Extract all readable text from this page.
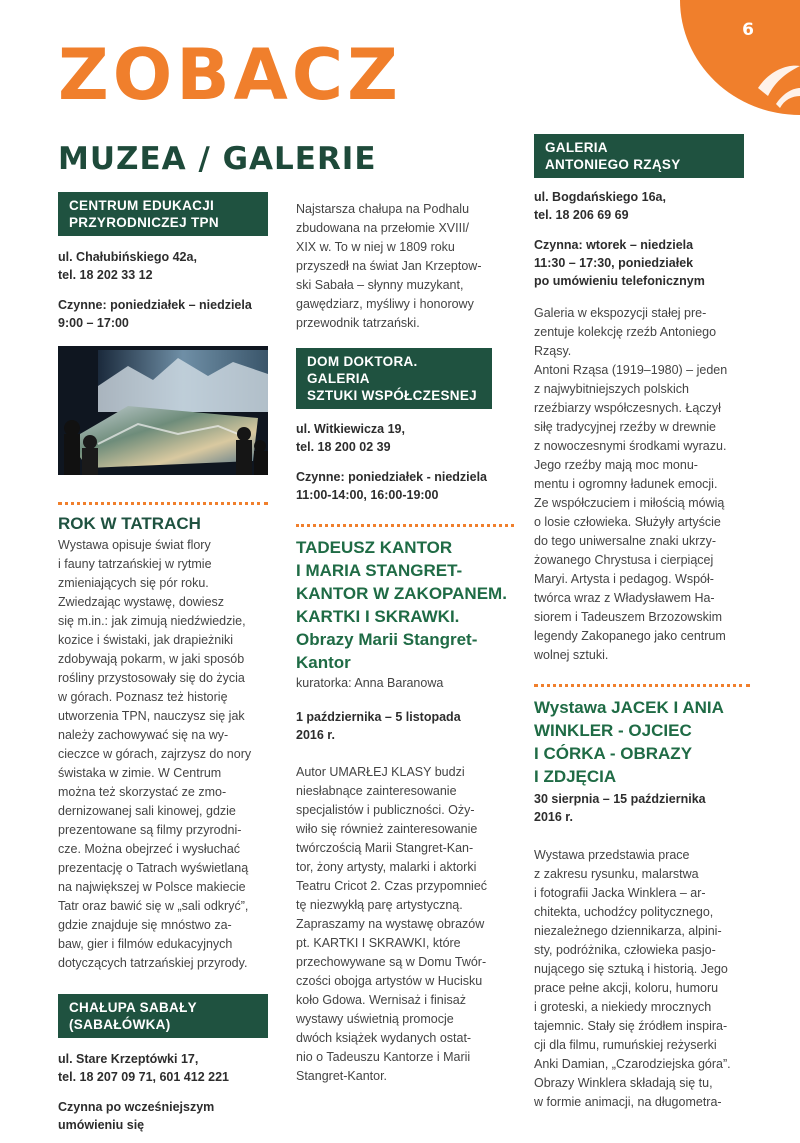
6
ZOBACZ
MUZEA / GALERIE
CENTRUM EDUKACJI
PRZYRODNICZEJ TPN
ul. Chałubińskiego 42a,
tel. 18 202 33 12
Czynne: poniedziałek – niedziela
9:00 – 17:00
ROK W TATRACH
Wystawa opisuje świat flory
i fauny tatrzańskiej w rytmie
zmieniających się pór roku.
Zwiedzając wystawę, dowiesz
się m.in.: jak zimują niedźwiedzie,
kozice i świstaki, jak drapieżniki
zdobywają pokarm, w jaki sposób
rośliny przystosowały się do życia
w górach. Poznasz też historię
utworzenia TPN, nauczysz się jak
należy zachowywać się na wy-
cieczce w górach, zajrzysz do nory
świstaka w zimie. W Centrum
można też skorzystać ze zmo-
dernizowanej sali kinowej, gdzie
prezentowane są filmy przyrodni-
cze. Można obejrzeć i wysłuchać
prezentację o Tatrach wyświetlaną
na największej w Polsce makiecie
Tatr oraz bawić się w „sali odkryć”,
gdzie znajduje się mnóstwo za-
baw, gier i filmów edukacyjnych
dotyczących tatrzańskiej przyrody.
CHAŁUPA SABAŁY
(SABAŁÓWKA)
ul. Stare Krzeptówki 17,
tel. 18 207 09 71, 601 412 221
Czynna po wcześniejszym
umówieniu się
Najstarsza chałupa na Podhalu
zbudowana na przełomie XVIII/
XIX w. To w niej w 1809 roku
przyszedł na świat Jan Krzeptow-
ski Sabała – słynny muzykant,
gawędziarz, myśliwy i honorowy
przewodnik tatrzański.
DOM DOKTORA. GALERIA
SZTUKI WSPÓŁCZESNEJ
ul. Witkiewicza 19,
tel. 18 200 02 39
Czynne: poniedziałek - niedziela
11:00-14:00, 16:00-19:00
TADEUSZ KANTOR
I MARIA STANGRET-
KANTOR W ZAKOPANEM.
KARTKI I SKRAWKI.
Obrazy Marii Stangret-
Kantor
kuratorka: Anna Baranowa
1 października – 5 listopada
2016 r.
Autor UMARŁEJ KLASY budzi
niesłabnące zainteresowanie
specjalistów i publiczności. Oży-
wiło się również zainteresowanie
twórczością Marii Stangret-Kan-
tor, żony artysty, malarki i aktorki
Teatru Cricot 2. Czas przypomnieć
tę niezwykłą parę artystyczną.
Zapraszamy na wystawę obrazów
pt. KARTKI I SKRAWKI, które
przechowywane są w Domu Twór-
czości obojga artystów w Hucisku
koło Gdowa. Wernisaż i finisaż
wystawy uświetnią promocje
dwóch książek wydanych ostat-
nio o Tadeuszu Kantorze i Marii
Stangret-Kantor.
GALERIA
ANTONIEGO RZĄSY
ul. Bogdańskiego 16a,
tel. 18 206 69 69
Czynna: wtorek – niedziela
11:30 – 17:30, poniedziałek
po umówieniu telefonicznym
Galeria w ekspozycji stałej pre-
zentuje kolekcję rzeźb Antoniego
Rząsy.
Antoni Rząsa (1919–1980) – jeden
z najwybitniejszych polskich
rzeźbiarzy współczesnych. Łączył
siłę tradycyjnej rzeźby w drewnie
z nowoczesnymi środkami wyrazu.
Jego rzeźby mają moc monu-
mentu i ogromny ładunek emocji.
Ze współczuciem i miłością mówią
o losie człowieka. Służyły artyście
do tego uniwersalne znaki ukrzy-
żowanego Chrystusa i cierpiącej
Maryi. Artysta i pedagog. Współ-
twórca wraz z Władysławem Ha-
siorem i Tadeuszem Brzozowskim
legendy Zakopanego jako centrum
wolnej sztuki.
Wystawa JACEK I ANIA
WINKLER - OJCIEC
I CÓRKA - OBRAZY
I ZDJĘCIA
30 sierpnia – 15 października
2016 r.
Wystawa przedstawia prace
z zakresu rysunku, malarstwa
i fotografii Jacka Winklera – ar-
chitekta, uchodźcy politycznego,
niezależnego dziennikarza, alpini-
sty, podróżnika, człowieka pasjo-
nującego się sztuką i historią. Jego
prace pełne akcji, koloru, humoru
i groteski, a niekiedy mrocznych
tajemnic. Stały się źródłem inspira-
cji dla filmu, rumuńskiej reżyserki
Anki Damian, „Czarodziejska góra”.
Obrazy Winklera składają się tu,
w formie animacji, na długometra-
